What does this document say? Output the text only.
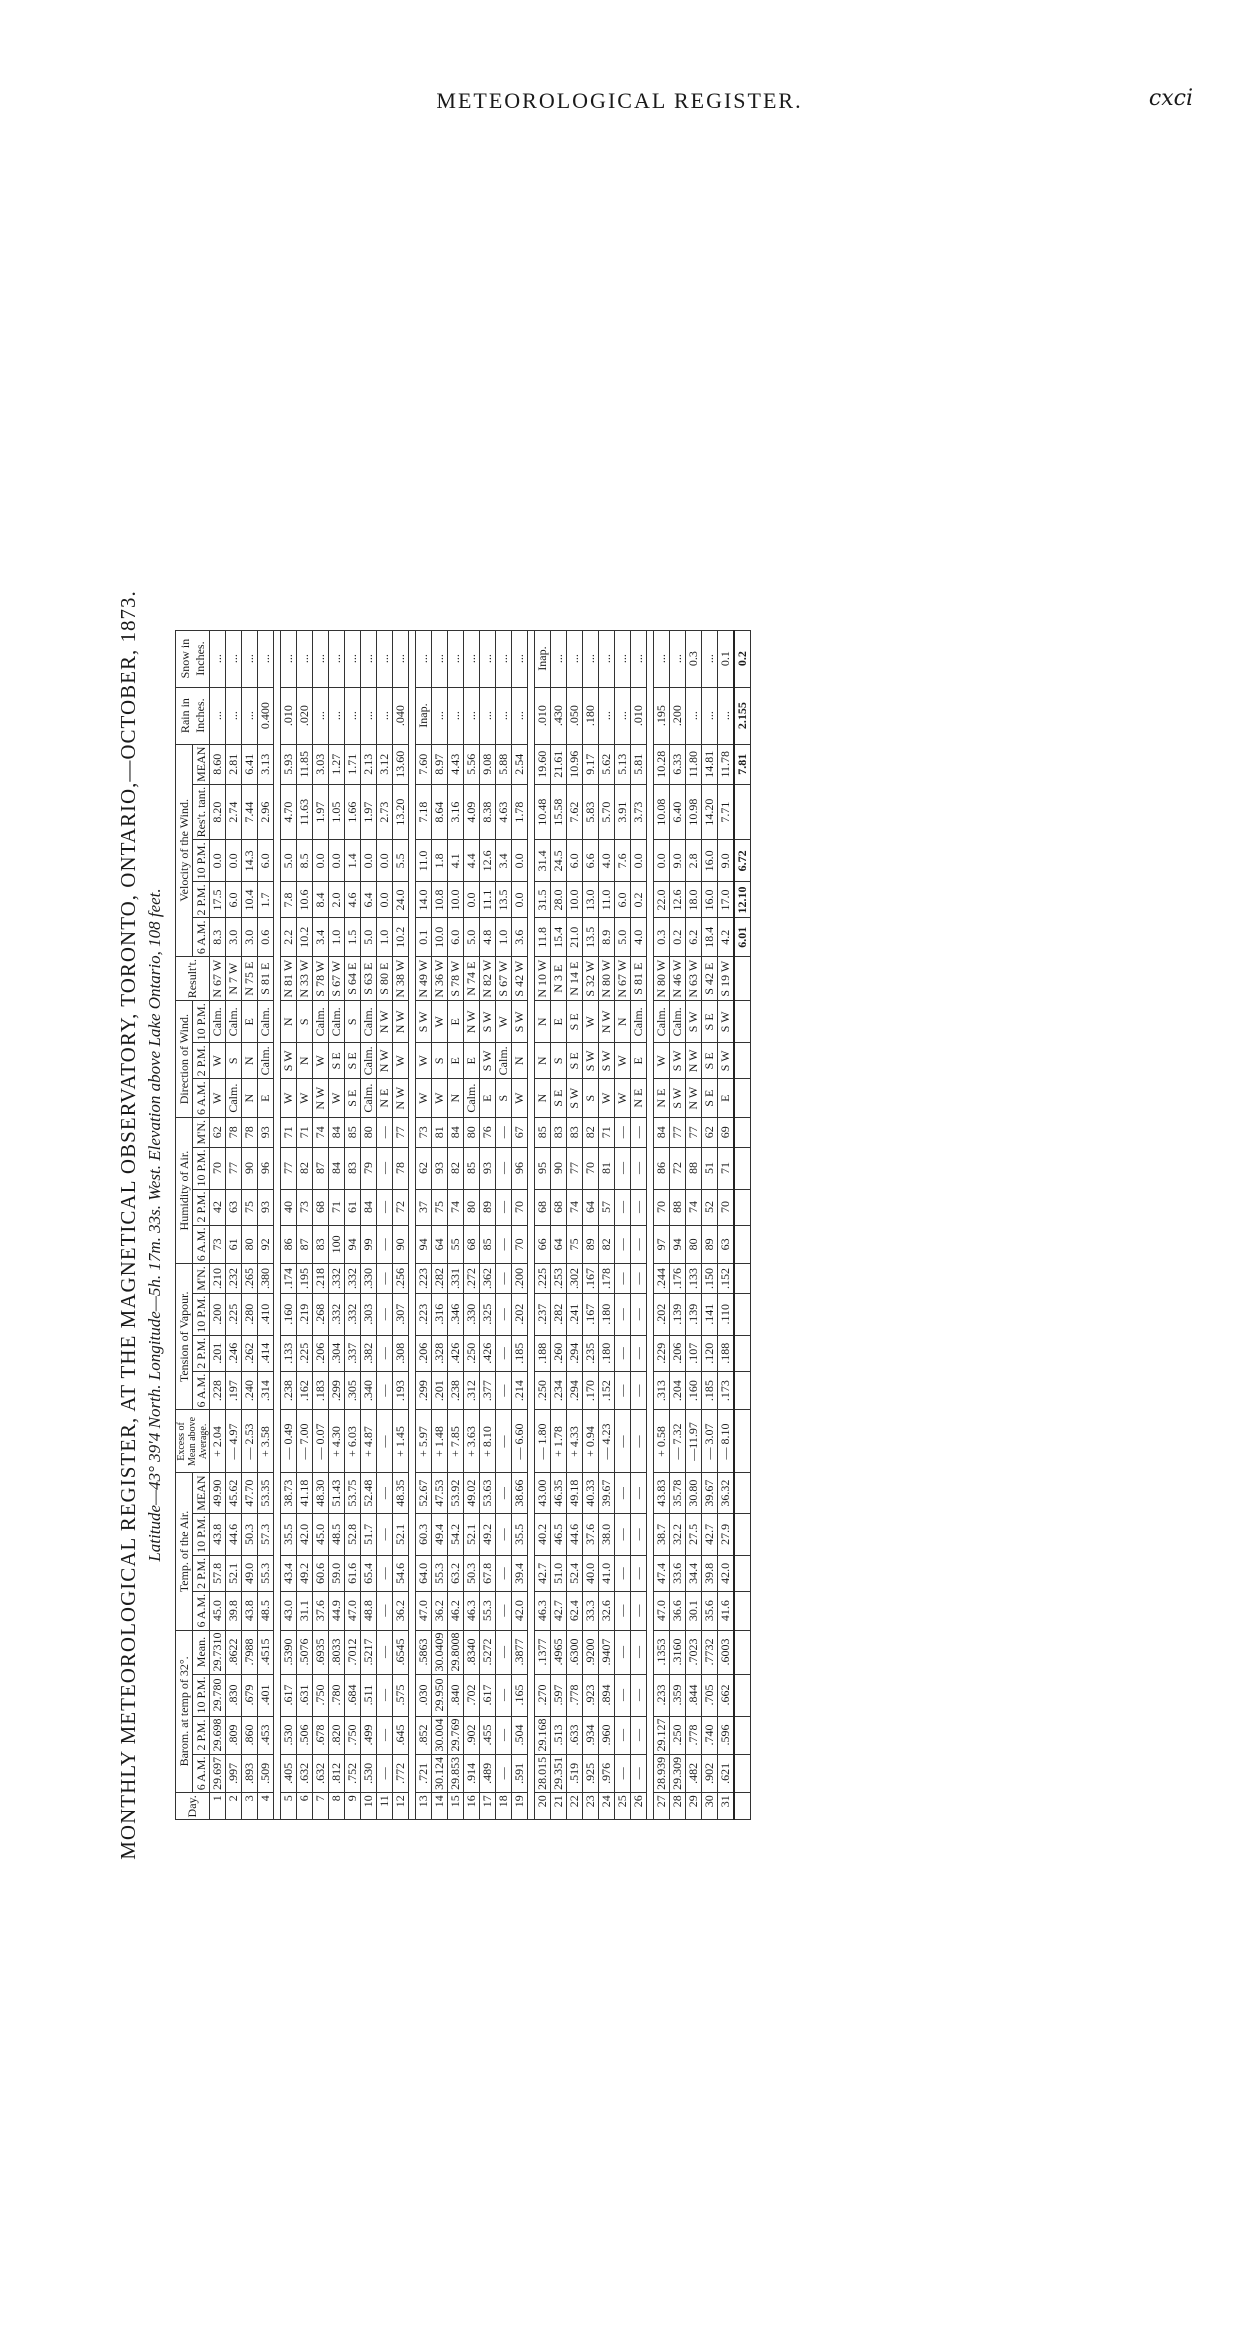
METEOROLOGICAL REGISTER.	cxci
MONTHLY METEOROLOGICAL REGISTER, AT THE MAGNETICAL OBSERVATORY, TORONTO, ONTARIO,—OCTOBER, 1873. Latitude—43° 39′4 North. Longitude—5h. 17m. 33s. West. Elevation above Lake Ontario, 108 feet.
Day.	Barom. at temp of 32°.				Temp. of the Air.				Excess of Mean above Average.	Tension of Vapour.				Humidity of Air.				Direction of Wind.			Result't.	Velocity of the Wind.					Rain in Inches.	Snow in Inches.
	6 A.M.	2 P.M.	10 P.M.	Mean.	6 A.M.	2 P.M.	10 P.M.	MEAN		6 A.M.	2 P.M.	10 P.M.	M'N.	6 A.M.	2 P.M.	10 P.M.	M'N.	6 A.M.	2 P.M.	10 P.M.		6 A.M.	2 P.M.	10 P.M.	Res't. tant.	MEAN		
1	29.697	29.698	29.780	29.7310	45.0	57.8	43.8	49.90	+ 2.04	.228	.201	.200	.210	73	42	70	62	W	W	Calm.	N 67 W	8.3	17.5	0.0	8.20	8.60	...	...
2	.997	.809	.830	.8622	39.8	52.1	44.6	45.62	— 4.97	.197	.246	.225	.232	61	63	77	78	Calm.	S	Calm.	N 7 W	3.0	6.0	0.0	2.74	2.81	...	...
3	.893	.860	.679	.7988	43.8	49.0	50.3	47.70	— 2.53	.240	.262	.280	.265	80	75	90	78	N	N	E	N 75 E	3.0	10.4	14.3	7.44	6.41	...	...
4	.509	.453	.401	.4515	48.5	55.3	57.3	53.35	+ 3.58	.314	.414	.410	.380	92	93	96	93	E	Calm.	Calm.	S 81 E	0.6	1.7	6.0	2.96	3.13	0.400	...

5	.405	.530	.617	.5390	43.0	43.4	35.5	38.73	— 0.49	.238	.133	.160	.174	86	40	77	71	W	S W	N	N 81 W	2.2	7.8	5.0	4.70	5.93	.010	...
6	.632	.506	.631	.5076	31.1	49.2	42.0	41.18	— 7.00	.162	.225	.219	.195	87	73	82	71	W	N	S	N 33 W	10.2	10.6	8.5	11.63	11.85	.020	...
7	.632	.678	.750	.6935	37.6	60.6	45.0	48.30	— 0.07	.183	.206	.268	.218	83	68	87	74	N W	W	Calm.	S 78 W	3.4	8.4	0.0	1.97	3.03	...	...
8	.812	.820	.780	.8033	44.9	59.0	48.5	51.43	+ 4.30	.299	.304	.332	.332	100	71	84	84	W	S E	Calm.	S 67 W	1.0	2.0	0.0	1.05	1.27	...	...
9	.752	.750	.684	.7012	47.0	61.6	52.8	53.75	+ 6.03	.305	.337	.332	.332	94	61	83	85	S E	S E	S	S 64 E	1.5	4.6	1.4	1.66	1.71	...	...
10	.530	.499	.511	.5217	48.8	65.4	51.7	52.48	+ 4.87	.340	.382	.303	.330	99	84	79	80	Calm.	Calm.	Calm.	S 63 E	5.0	6.4	0.0	1.97	2.13	...	...
11	—	—	—	—	—	—	—	—	—	—	—	—	—	—	—	—	—	N E	N W	N W	S 80 E	1.0	0.0	0.0	2.73	3.12	...	...
12	.772	.645	.575	.6545	36.2	54.6	52.1	48.35	+ 1.45	.193	.308	.307	.256	90	72	78	77	N W	W	N W	N 38 W	10.2	24.0	5.5	13.20	13.60	.040	...

13	.721	.852	.030	.5863	47.0	64.0	60.3	52.67	+ 5.97	.299	.206	.223	.223	94	37	62	73	W	W	S W	N 49 W	0.1	14.0	11.0	7.18	7.60	Inap.	...
14	30.124	30.004	29.950	30.0409	36.2	55.3	49.4	47.53	+ 1.48	.201	.328	.316	.282	64	75	93	81	W	S	W	N 36 W	10.0	10.8	1.8	8.64	8.97	...	...
15	29.853	29.769	.840	29.8008	46.2	63.2	54.2	53.92	+ 7.85	.238	.426	.346	.331	55	74	82	84	N	E	E	S 78 W	6.0	10.0	4.1	3.16	4.43	...	...
16	.914	.902	.702	.8340	46.3	50.3	52.1	49.02	+ 3.63	.312	.250	.330	.272	68	80	85	80	Calm.	E	N W	N 74 E	5.0	0.0	4.4	4.09	5.56	...	...
17	.489	.455	.617	.5272	55.3	67.8	49.2	53.63	+ 8.10	.377	.426	.325	.362	85	89	93	76	E	S W	S W	N 82 W	4.8	11.1	12.6	8.38	9.08	...	...
18	—	—	—	—	—	—	—	—	—	—	—	—	—	—	—	—	—	S	Calm.	W	S 67 W	1.0	13.5	3.4	4.63	5.88	...	...
19	.591	.504	.165	.3877	42.0	39.4	35.5	38.66	— 6.60	.214	.185	.202	.200	70	70	96	67	W	N	S W	S 42 W	3.6	0.0	0.0	1.78	2.54	...	...

20	28.015	29.168	.270	.1377	46.3	42.7	40.2	43.00	— 1.80	.250	.188	.237	.225	66	68	95	85	N	N	N	N 10 W	11.8	31.5	31.4	10.48	19.60	.010	Inap.
21	29.351	.513	.597	.4965	42.7	51.0	46.5	46.35	+ 1.78	.234	.260	.282	.253	64	68	90	83	S E	S	E	N 3 E	15.4	28.0	24.5	15.58	21.61	.430	...
22	.519	.633	.778	.6300	62.4	52.4	44.6	49.18	+ 4.33	.294	.294	.241	.302	75	74	77	83	S W	S E	S E	N 14 E	21.0	10.0	6.0	7.62	10.96	.050	...
23	.925	.934	.923	.9200	33.3	40.0	37.6	40.33	+ 0.94	.170	.235	.167	.167	89	64	70	82	S	S W	W	S 32 W	13.5	13.0	6.6	5.83	9.17	.180	...
24	.976	.960	.894	.9407	32.6	41.0	38.0	39.67	— 4.23	.152	.180	.180	.178	82	57	81	71	W	S W	N W	N 80 W	8.9	11.0	4.0	5.70	5.62	...	...
25	—	—	—	—	—	—	—	—	—	—	—	—	—	—	—	—	—	W	W	N	N 67 W	5.0	6.0	7.6	3.91	5.13	...	...
26	—	—	—	—	—	—	—	—	—	—	—	—	—	—	—	—	—	N E	E	Calm.	S 81 E	4.0	0.2	0.0	3.73	5.81	.010	...

27	28.939	29.127	.233	.1353	47.0	47.4	38.7	43.83	+ 0.58	.313	.229	.202	.244	97	70	86	84	N E	W	Calm.	N 80 W	0.3	22.0	0.0	10.08	10.28	.195	...
28	29.309	.250	.359	.3160	36.6	33.6	32.2	35.78	— 7.32	.204	.206	.139	.176	94	88	72	77	S W	S W	Calm.	N 46 W	0.2	12.6	9.0	6.40	6.33	.200	...
29	.482	.778	.844	.7023	30.1	34.4	27.5	30.80	—11.97	.160	.107	.139	.133	80	74	88	77	N W	N W	S W	N 63 W	6.2	18.0	2.8	10.98	11.80	...	0.3
30	.902	.740	.705	.7732	35.6	39.8	42.7	39.67	— 3.07	.185	.120	.141	.150	89	52	51	62	S E	S E	S E	S 42 E	18.4	16.0	16.0	14.20	14.81	...	...
31	.621	.596	.662	.6003	41.6	42.0	27.9	36.32	— 8.10	.173	.188	.110	.152	63	70	71	69	E	S W	S W	S 19 W	4.2	17.0	9.0	7.71	11.78	...	0.1
																						6.01	12.10	6.72		7.81	2.155	0.2
